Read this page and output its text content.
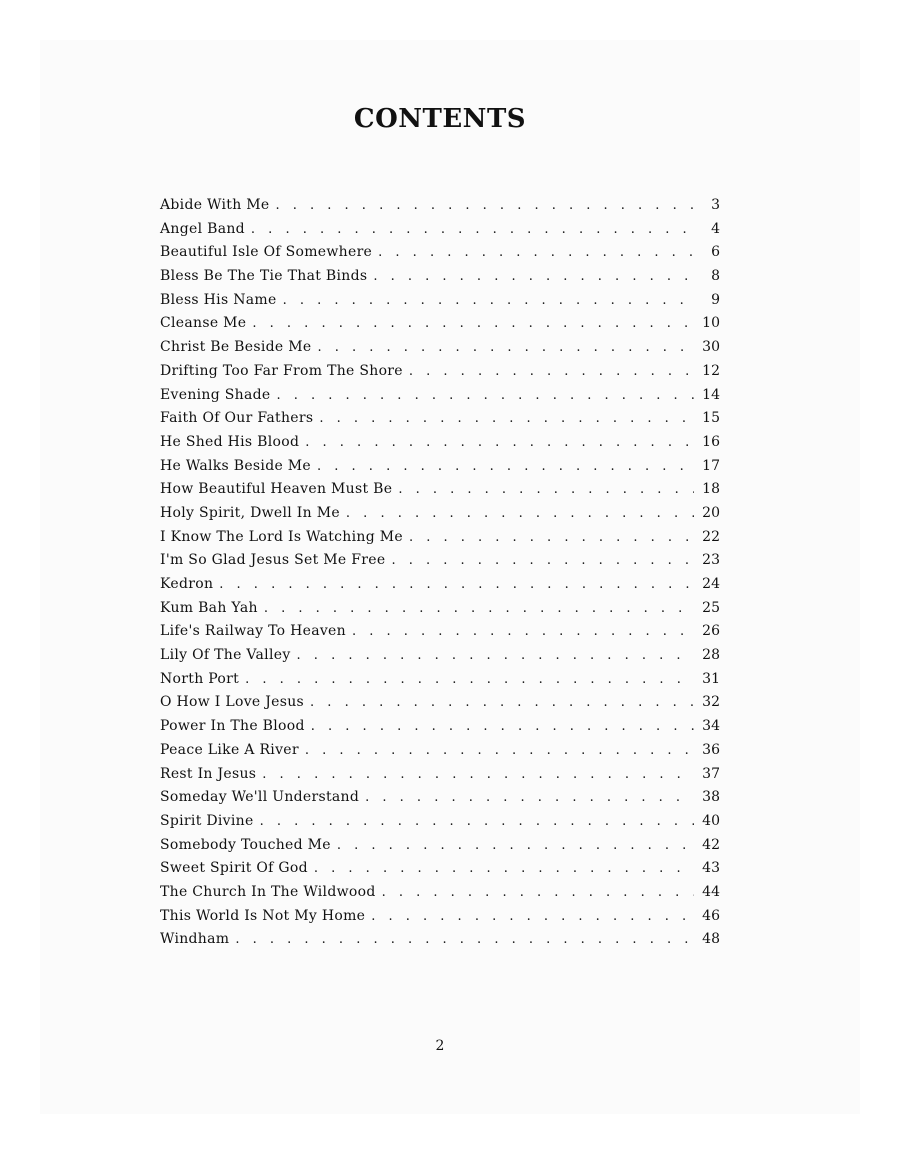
CONTENTS
Abide With Me . . .	3
Angel Band . . .	4
Beautiful Isle Of Somewhere . . .	6
Bless Be The Tie That Binds . . .	8
Bless His Name . . .	9
Cleanse Me . . .	10
Christ Be Beside Me . . .	30
Drifting Too Far From The Shore . . .	12
Evening Shade . . .	14
Faith Of Our Fathers . . .	15
He Shed His Blood . . .	16
He Walks Beside Me . . .	17
How Beautiful Heaven Must Be . . .	18
Holy Spirit, Dwell In Me . . .	20
I Know The Lord Is Watching Me . . .	22
I'm So Glad Jesus Set Me Free . . .	23
Kedron . . .	24
Kum Bah Yah . . .	25
Life's Railway To Heaven . . .	26
Lily Of The Valley . . .	28
North Port . . .	31
O How I Love Jesus . . .	32
Power In The Blood . . .	34
Peace Like A River . . .	36
Rest In Jesus . . .	37
Someday We'll Understand . . .	38
Spirit Divine . . .	40
Somebody Touched Me . . .	42
Sweet Spirit Of God . . .	43
The Church In The Wildwood . . .	44
This World Is Not My Home . . .	46
Windham . . .	48
2
